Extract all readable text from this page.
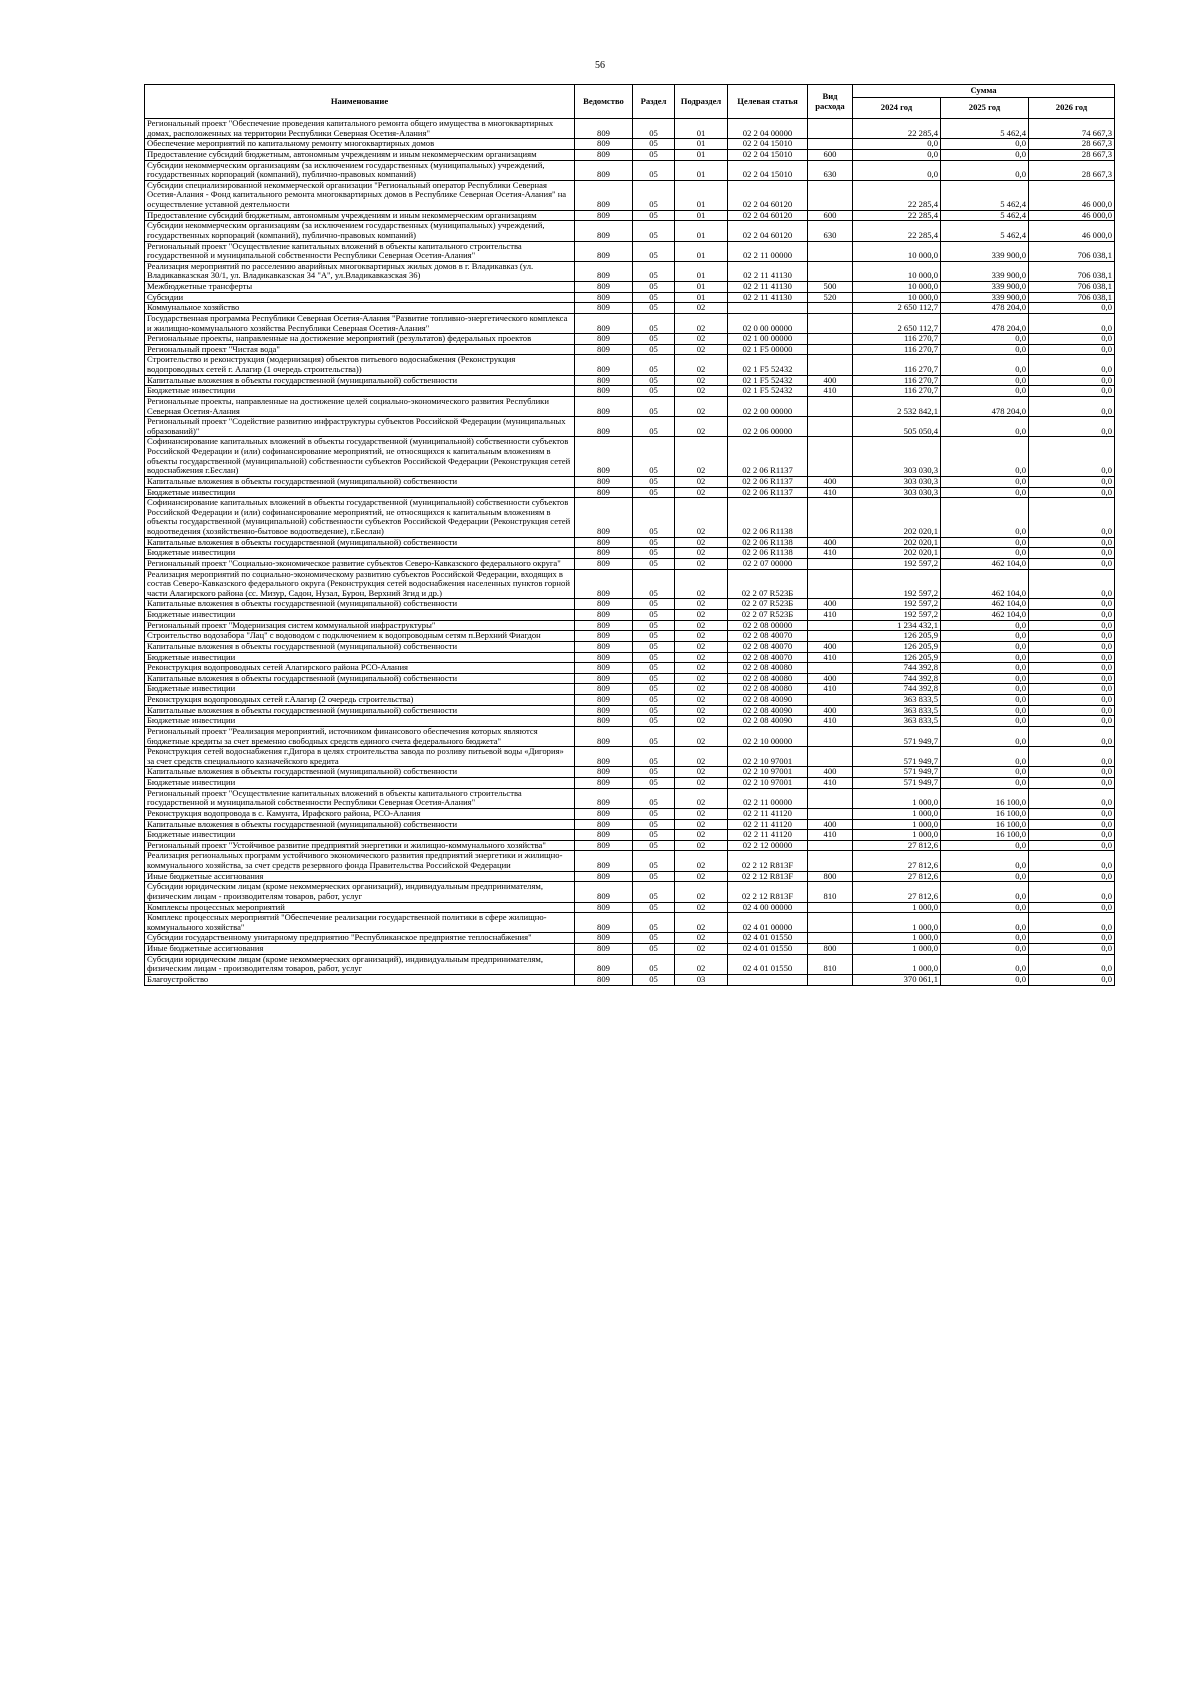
56
Наименование	Ведомство	Раздел	Подраздел	Целевая статья	Вид расхода	Сумма		
						2024 год	2025 год	2026 год
Региональный проект "Обеспечение проведения капитального ремонта общего имущества в многоквартирных домах, расположенных на территории Республики Северная Осетия-Алания"	809	05	01	02 2 04 00000		22 285,4	5 462,4	74 667,3
Обеспечение мероприятий по капитальному ремонту многоквартирных домов	809	05	01	02 2 04 15010		0,0	0,0	28 667,3
Предоставление субсидий бюджетным, автономным учреждениям и иным некоммерческим организациям	809	05	01	02 2 04 15010	600	0,0	0,0	28 667,3
Субсидии некоммерческим организациям (за исключением государственных (муниципальных) учреждений, государственных корпораций (компаний), публично-правовых компаний)	809	05	01	02 2 04 15010	630	0,0	0,0	28 667,3
Субсидии специализированной некоммерческой организации "Региональный оператор Республики Северная Осетия-Алания - Фонд капитального ремонта многоквартирных домов в Республике Северная Осетия-Алания" на осуществление уставной деятельности	809	05	01	02 2 04 60120		22 285,4	5 462,4	46 000,0
Предоставление субсидий бюджетным, автономным учреждениям и иным некоммерческим организациям	809	05	01	02 2 04 60120	600	22 285,4	5 462,4	46 000,0
Субсидии некоммерческим организациям (за исключением государственных (муниципальных) учреждений, государственных корпораций (компаний), публично-правовых компаний)	809	05	01	02 2 04 60120	630	22 285,4	5 462,4	46 000,0
Региональный проект "Осуществление капитальных вложений в объекты капитального строительства государственной и муниципальной собственности Республики Северная Осетия-Алания"	809	05	01	02 2 11 00000		10 000,0	339 900,0	706 038,1
Реализация мероприятий по расселению аварийных многоквартирных жилых домов в г. Владикавказ (ул. Владикавказская 30/1, ул. Владикавказская 34 "А", ул.Владикавказская 36)	809	05	01	02 2 11 41130		10 000,0	339 900,0	706 038,1
Межбюджетные трансферты	809	05	01	02 2 11 41130	500	10 000,0	339 900,0	706 038,1
Субсидии	809	05	01	02 2 11 41130	520	10 000,0	339 900,0	706 038,1
Коммунальное хозяйство	809	05	02			2 650 112,7	478 204,0	0,0
Государственная программа Республики Северная Осетия-Алания "Развитие топливно-энергетического комплекса и жилищно-коммунального хозяйства Республики Северная Осетия-Алания"	809	05	02	02 0 00 00000		2 650 112,7	478 204,0	0,0
Региональные проекты, направленные на достижение мероприятий (результатов) федеральных проектов	809	05	02	02 1 00 00000		116 270,7	0,0	0,0
Региональный проект "Чистая вода"	809	05	02	02 1 F5 00000		116 270,7	0,0	0,0
Строительство и реконструкция (модернизация) объектов питьевого водоснабжения (Реконструкция водопроводных сетей г. Алагир (1 очередь строительства))	809	05	02	02 1 F5 52432		116 270,7	0,0	0,0
Капитальные вложения в объекты государственной (муниципальной) собственности	809	05	02	02 1 F5 52432	400	116 270,7	0,0	0,0
Бюджетные инвестиции	809	05	02	02 1 F5 52432	410	116 270,7	0,0	0,0
Региональные проекты, направленные на достижение целей социально-экономического развития Республики Северная Осетия-Алания	809	05	02	02 2 00 00000		2 532 842,1	478 204,0	0,0
Региональный проект "Содействие развитию инфраструктуры субъектов Российской Федерации (муниципальных образований)"	809	05	02	02 2 06 00000		505 050,4	0,0	0,0
Софинансирование капитальных вложений в объекты государственной (муниципальной) собственности субъектов Российской Федерации и (или) софинансирование мероприятий, не относящихся к капитальным вложениям в объекты государственной (муниципальной) собственности субъектов Российской Федерации (Реконструкция сетей водоснабжения г.Беслан)	809	05	02	02 2 06 R1137		303 030,3	0,0	0,0
Капитальные вложения в объекты государственной (муниципальной) собственности	809	05	02	02 2 06 R1137	400	303 030,3	0,0	0,0
Бюджетные инвестиции	809	05	02	02 2 06 R1137	410	303 030,3	0,0	0,0
Софинансирование капитальных вложений в объекты государственной (муниципальной) собственности субъектов Российской Федерации и (или) софинансирование мероприятий, не относящихся к капитальным вложениям в объекты государственной (муниципальной) собственности субъектов Российской Федерации (Реконструкция сетей водоотведения (хозяйственно-бытовое водоотведение), г.Беслан)	809	05	02	02 2 06 R1138		202 020,1	0,0	0,0
Капитальные вложения в объекты государственной (муниципальной) собственности	809	05	02	02 2 06 R1138	400	202 020,1	0,0	0,0
Бюджетные инвестиции	809	05	02	02 2 06 R1138	410	202 020,1	0,0	0,0
Региональный проект "Социально-экономическое развитие субъектов Северо-Кавказского федерального округа"	809	05	02	02 2 07 00000		192 597,2	462 104,0	0,0
Реализация мероприятий по социально-экономическому развитию субъектов Российской Федерации, входящих в состав Северо-Кавказского федерального округа (Реконструкция сетей водоснабжения населенных пунктов горной части Алагирского района (сс. Мизур, Садон, Нузал, Бурон, Верхний Згид и др.)	809	05	02	02 2 07 R523Б		192 597,2	462 104,0	0,0
Капитальные вложения в объекты государственной (муниципальной) собственности	809	05	02	02 2 07 R523Б	400	192 597,2	462 104,0	0,0
Бюджетные инвестиции	809	05	02	02 2 07 R523Б	410	192 597,2	462 104,0	0,0
Региональный проект "Модернизация систем коммунальной инфраструктуры"	809	05	02	02 2 08 00000		1 234 432,1	0,0	0,0
Строительство водозабора "Лац" с водоводом с подключением к водопроводным сетям п.Верхний Фиагдон	809	05	02	02 2 08 40070		126 205,9	0,0	0,0
Капитальные вложения в объекты государственной (муниципальной) собственности	809	05	02	02 2 08 40070	400	126 205,9	0,0	0,0
Бюджетные инвестиции	809	05	02	02 2 08 40070	410	126 205,9	0,0	0,0
Реконструкция водопроводных сетей Алагирского района РСО-Алания	809	05	02	02 2 08 40080		744 392,8	0,0	0,0
Капитальные вложения в объекты государственной (муниципальной) собственности	809	05	02	02 2 08 40080	400	744 392,8	0,0	0,0
Бюджетные инвестиции	809	05	02	02 2 08 40080	410	744 392,8	0,0	0,0
Реконструкция водопроводных сетей г.Алагир (2 очередь строительства)	809	05	02	02 2 08 40090		363 833,5	0,0	0,0
Капитальные вложения в объекты государственной (муниципальной) собственности	809	05	02	02 2 08 40090	400	363 833,5	0,0	0,0
Бюджетные инвестиции	809	05	02	02 2 08 40090	410	363 833,5	0,0	0,0
Региональный проект "Реализация мероприятий, источником финансового обеспечения которых являются бюджетные кредиты за счет временно свободных средств единого счета федерального бюджета"	809	05	02	02 2 10 00000		571 949,7	0,0	0,0
Реконструкция сетей водоснабжения г.Дигора в целях строительства завода по розливу питьевой воды «Дигория» за счет средств специального казначейского кредита	809	05	02	02 2 10 97001		571 949,7	0,0	0,0
Капитальные вложения в объекты государственной (муниципальной) собственности	809	05	02	02 2 10 97001	400	571 949,7	0,0	0,0
Бюджетные инвестиции	809	05	02	02 2 10 97001	410	571 949,7	0,0	0,0
Региональный проект "Осуществление капитальных вложений в объекты капитального строительства государственной и муниципальной собственности Республики Северная Осетия-Алания"	809	05	02	02 2 11 00000		1 000,0	16 100,0	0,0
Реконструкция водопровода в с. Камунта, Ирафского района, РСО-Алания	809	05	02	02 2 11 41120		1 000,0	16 100,0	0,0
Капитальные вложения в объекты государственной (муниципальной) собственности	809	05	02	02 2 11 41120	400	1 000,0	16 100,0	0,0
Бюджетные инвестиции	809	05	02	02 2 11 41120	410	1 000,0	16 100,0	0,0
Региональный проект "Устойчивое развитие предприятий энергетики и жилищно-коммунального хозяйства"	809	05	02	02 2 12 00000		27 812,6	0,0	0,0
Реализация региональных программ устойчивого экономического развития предприятий энергетики и жилищно-коммунального хозяйства, за счет средств резервного фонда Правительства Российской Федерации	809	05	02	02 2 12 R813F		27 812,6	0,0	0,0
Иные бюджетные ассигнования	809	05	02	02 2 12 R813F	800	27 812,6	0,0	0,0
Субсидии юридическим лицам (кроме некоммерческих организаций), индивидуальным предпринимателям, физическим лицам - производителям товаров, работ, услуг	809	05	02	02 2 12 R813F	810	27 812,6	0,0	0,0
Комплексы процессных мероприятий	809	05	02	02 4 00 00000		1 000,0	0,0	0,0
Комплекс процессных мероприятий "Обеспечение реализации государственной политики в сфере жилищно-коммунального хозяйства"	809	05	02	02 4 01 00000		1 000,0	0,0	0,0
Субсидии государственному унитарному предприятию "Республиканское предприятие теплоснабжения"	809	05	02	02 4 01 01550		1 000,0	0,0	0,0
Иные бюджетные ассигнования	809	05	02	02 4 01 01550	800	1 000,0	0,0	0,0
Субсидии юридическим лицам (кроме некоммерческих организаций), индивидуальным предпринимателям, физическим лицам - производителям товаров, работ, услуг	809	05	02	02 4 01 01550	810	1 000,0	0,0	0,0
Благоустройство	809	05	03			370 061,1	0,0	0,0
